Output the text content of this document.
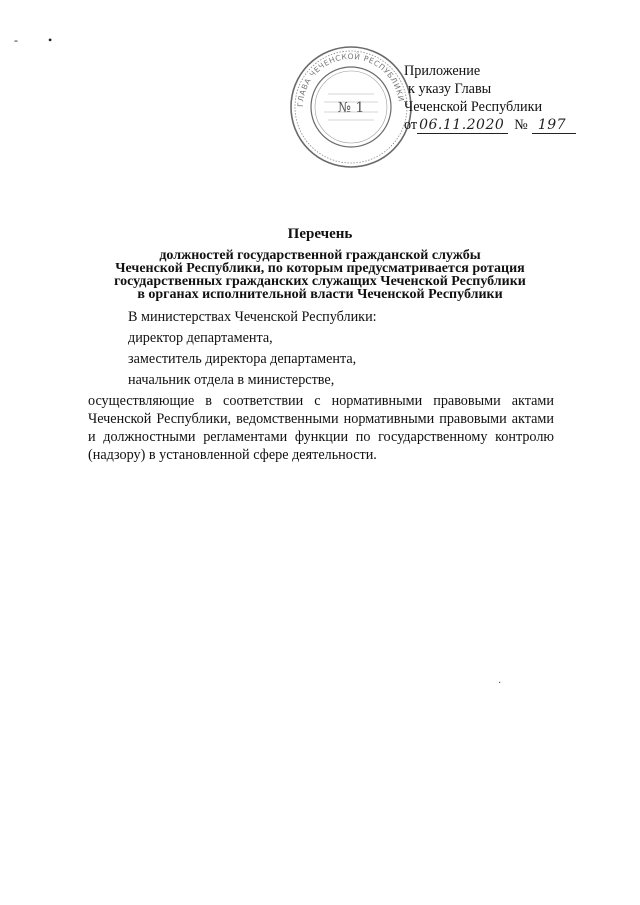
-	•
·
ГЛАВА ЧЕЧЕНСКОЙ РЕСПУБЛИКИ
№ 1
Приложение
к указу Главы
Чеченской Республики
от 06.11.2020 № 197
Перечень
должностей государственной гражданской службы
Чеченской Республики, по которым предусматривается ротация
государственных гражданских служащих Чеченской Республики
в органах исполнительной власти Чеченской Республики
В министерствах Чеченской Республики:
директор департамента,
заместитель директора департамента,
начальник отдела в министерстве,
осуществляющие в соответствии с нормативными правовыми актами Чеченской Республики, ведомственными нормативными правовыми актами и должностными регламентами функции по государственному контролю (надзору) в установленной сфере деятельности.
